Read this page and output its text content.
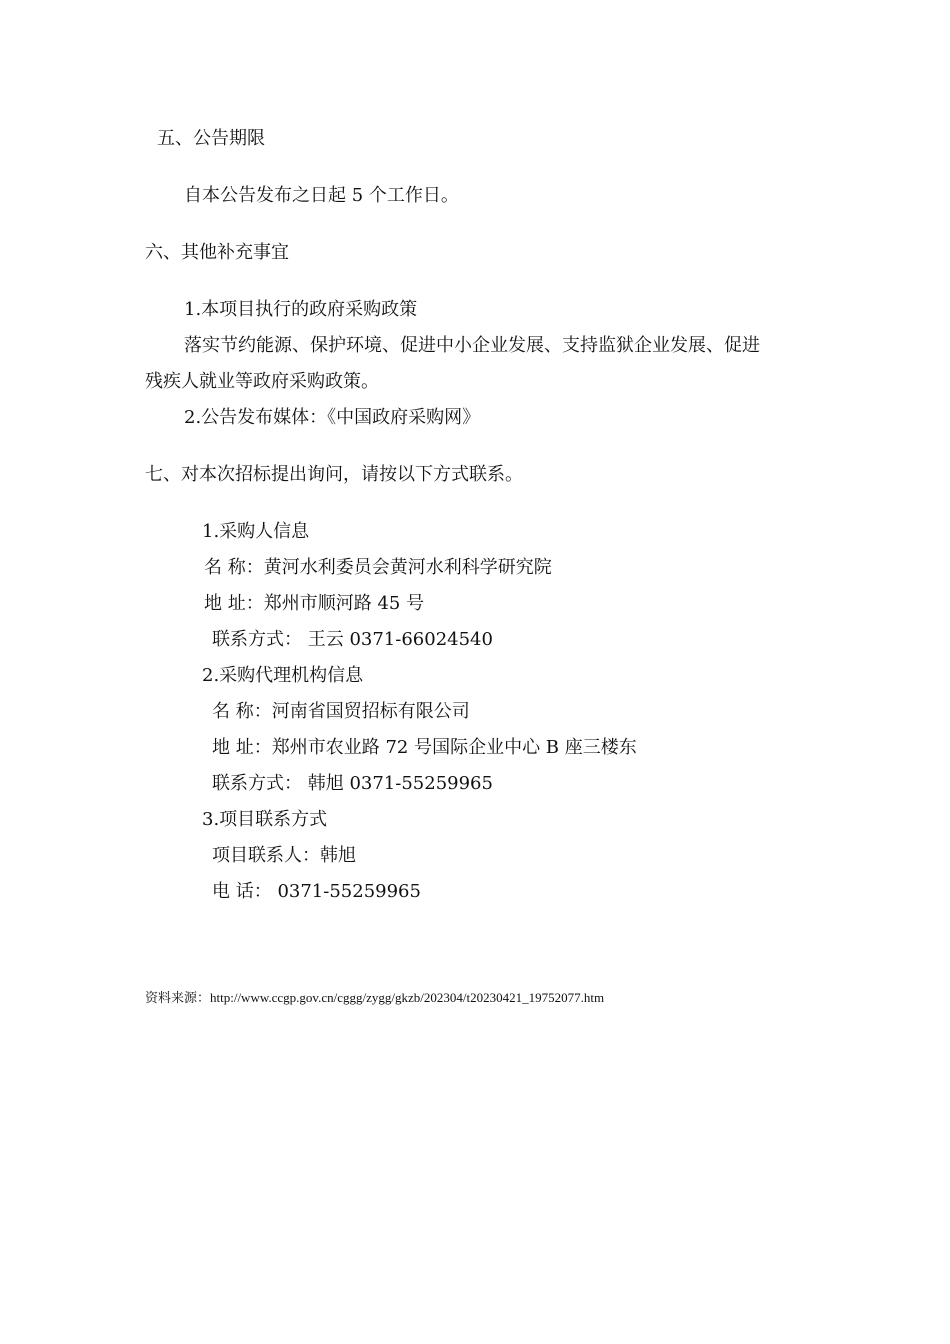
五、公告期限
自本公告发布之日起 5 个工作日。
六、其他补充事宜
1.本项目执行的政府采购政策
落实节约能源、保护环境、促进中小企业发展、支持监狱企业发展、促进
残疾人就业等政府采购政策。
2.公告发布媒体：《中国政府采购网》
七、对本次招标提出询问，请按以下方式联系。
1.采购人信息
名 称：黄河水利委员会黄河水利科学研究院
地 址：郑州市顺河路 45 号
联系方式： 王云 0371-66024540
2.采购代理机构信息
名 称：河南省国贸招标有限公司
地 址：郑州市农业路 72 号国际企业中心 B 座三楼东
联系方式： 韩旭 0371-55259965
3.项目联系方式
项目联系人：韩旭
电 话： 0371-55259965
资料来源：http://www.ccgp.gov.cn/cggg/zygg/gkzb/202304/t20230421_19752077.htm
